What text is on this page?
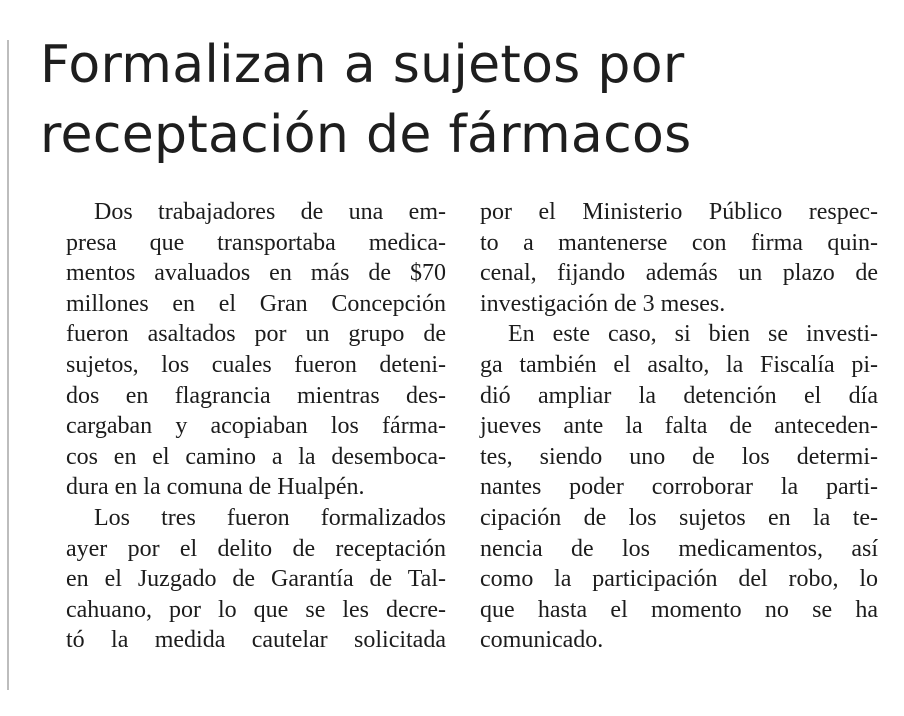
Formalizan a sujetos por
receptación de fármacos

Dos trabajadores de una em-
presa que transportaba medica-
mentos avaluados en más de $70
millones en el Gran Concepción
fueron asaltados por un grupo de
sujetos, los cuales fueron deteni-
dos en flagrancia mientras des-
cargaban y acopiaban los fárma-
cos en el camino a la desemboca-
dura en la comuna de Hualpén.

Los tres fueron formalizados
ayer por el delito de receptación
en el Juzgado de Garantía de Tal-
cahuano, por lo que se les decre-
tó la medida cautelar solicitada

por el Ministerio Público respec-
to a mantenerse con firma quin-
cenal, fijando además un plazo de
investigación de 3 meses.

En este caso, si bien se investi-
ga también el asalto, la Fiscalía pi-
dió ampliar la detención el día
jueves ante la falta de anteceden-
tes, siendo uno de los determi-
nantes poder corroborar la parti-
cipación de los sujetos en la te-
nencia de los medicamentos, así
como la participación del robo, lo
que hasta el momento no se ha
comunicado.
